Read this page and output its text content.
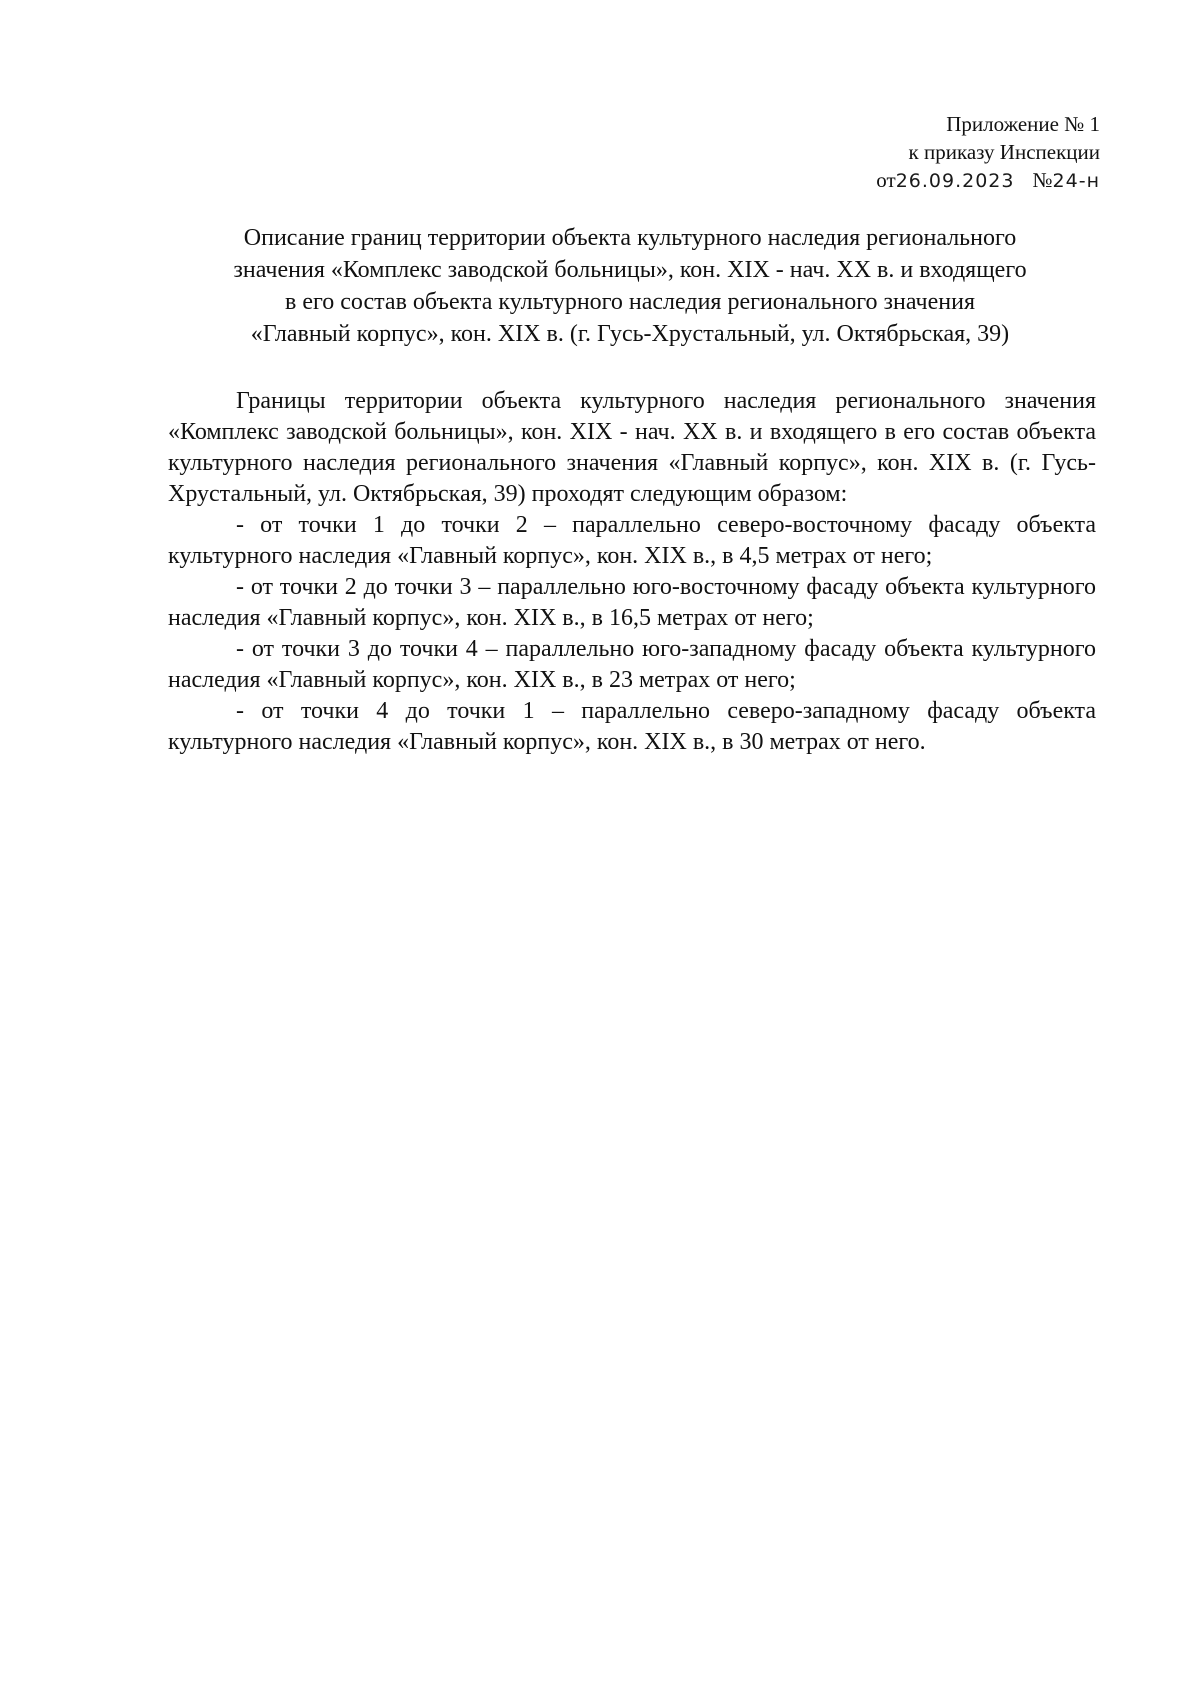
Приложение № 1
к приказу Инспекции
от26.09.2023 №24-н
Описание границ территории объекта культурного наследия регионального
значения «Комплекс заводской больницы», кон. XIX - нач. XX в. и входящего
в его состав объекта культурного наследия регионального значения
«Главный корпус», кон. XIX в. (г. Гусь-Хрустальный, ул. Октябрьская, 39)

Границы территории объекта культурного наследия регионального значения «Комплекс заводской больницы», кон. XIX - нач. XX в. и входящего в его состав объекта культурного наследия регионального значения «Главный корпус», кон. XIX в. (г. Гусь-Хрустальный, ул. Октябрьская, 39) проходят следующим образом:

- от точки 1 до точки 2 – параллельно северо-восточному фасаду объекта культурного наследия «Главный корпус», кон. XIX в., в 4,5 метрах от него;

- от точки 2 до точки 3 – параллельно юго-восточному фасаду объекта культурного наследия «Главный корпус», кон. XIX в., в 16,5 метрах от него;

- от точки 3 до точки 4 – параллельно юго-западному фасаду объекта культурного наследия «Главный корпус», кон. XIX в., в 23 метрах от него;

- от точки 4 до точки 1 – параллельно северо-западному фасаду объекта культурного наследия «Главный корпус», кон. XIX в., в 30 метрах от него.
